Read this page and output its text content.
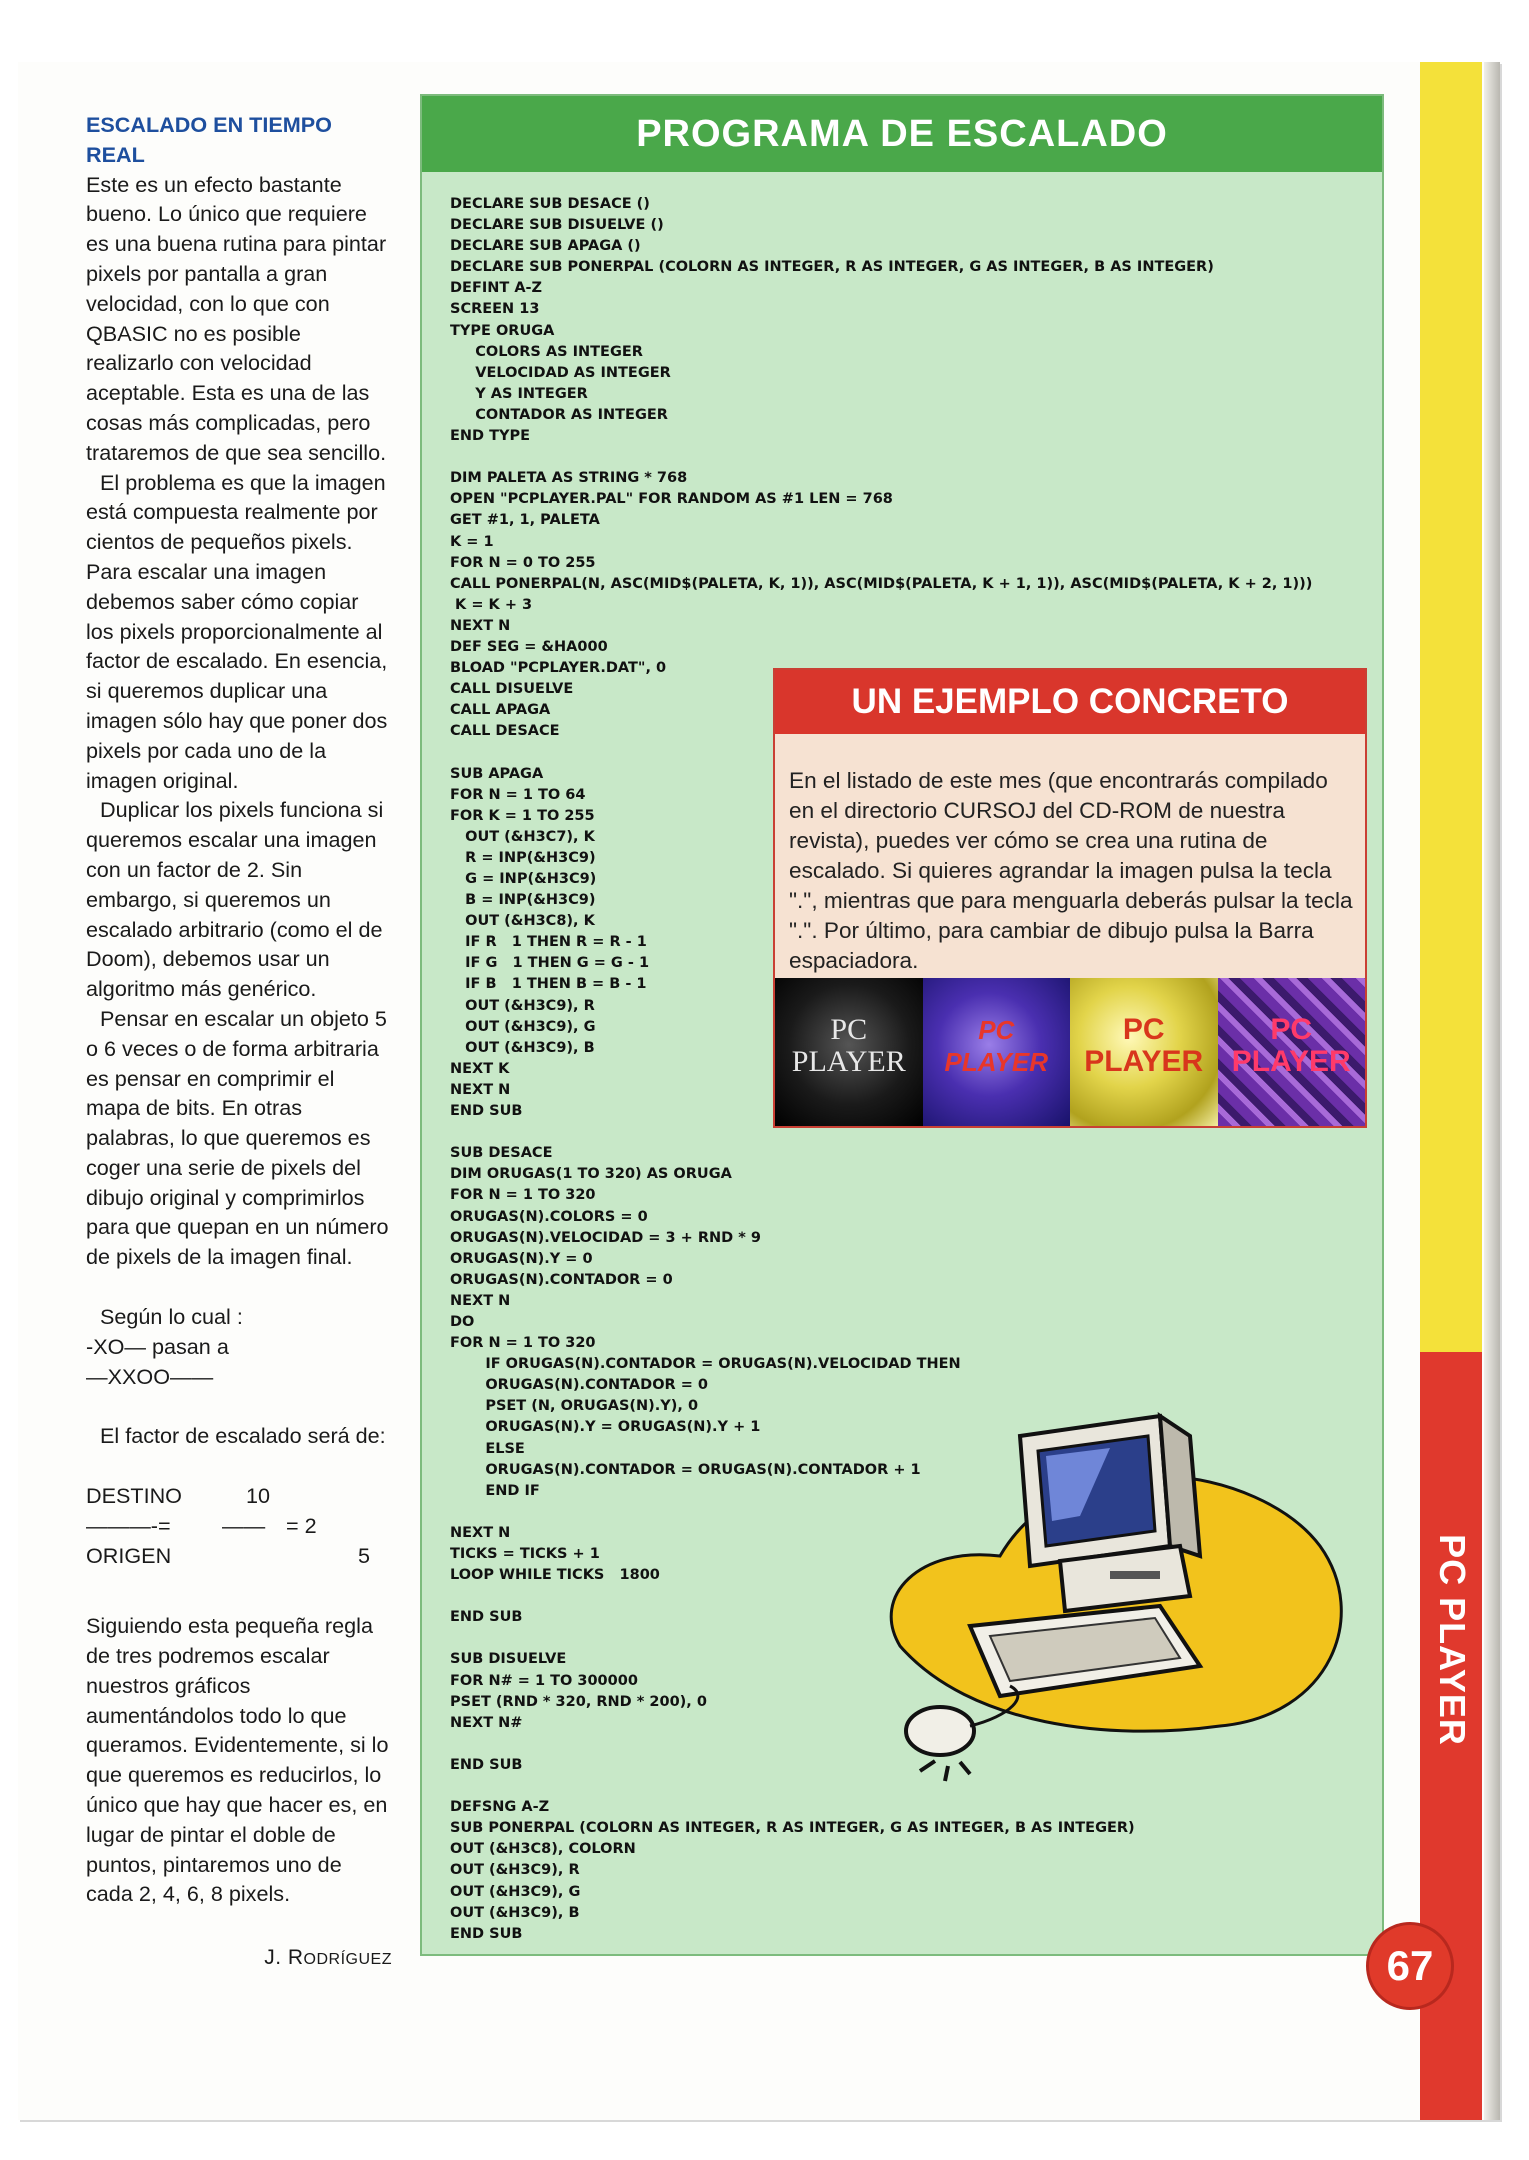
PC PLAYER
ESCALADO EN TIEMPO REAL

Este es un efecto bastante bueno. Lo único que requiere es una buena rutina para pintar pixels por pantalla a gran velocidad, con lo que con QBASIC no es posible realizarlo con velocidad aceptable. Esta es una de las cosas más complicadas, pero trataremos de que sea sencillo.

El problema es que la imagen está compuesta realmente por cientos de pequeños pixels. Para escalar una imagen debemos saber cómo copiar los pixels proporcionalmente al factor de escalado. En esencia, si queremos duplicar una imagen sólo hay que poner dos pixels por cada uno de la imagen original.

Duplicar los pixels funciona si queremos escalar una imagen con un factor de 2. Sin embargo, si queremos un escalado arbitrario (como el de Doom), debemos usar un algoritmo más genérico.

Pensar en escalar un objeto 5 o 6 veces o de forma arbitraria es pensar en comprimir el mapa de bits. En otras palabras, lo que queremos es coger una serie de pixels del dibujo original y comprimirlos para que quepan en un número de pixels de la imagen final.

Según lo cual :

-XO— pasan a

—XXOO——

El factor de escalado será de:

DESTINO	10
———-= —— = 2
ORIGEN	5

Siguiendo esta pequeña regla de tres podremos escalar nuestros gráficos aumentándolos todo lo que queramos. Evidentemente, si lo que queremos es reducirlos, lo único que hay que hacer es, en lugar de pintar el doble de puntos, pintaremos uno de cada 2, 4, 6, 8 pixels.

J. RODRÍGUEZ
PROGRAMA DE ESCALADO
DECLARE SUB DESACE ()
DECLARE SUB DISUELVE ()
DECLARE SUB APAGA ()
DECLARE SUB PONERPAL (COLORN AS INTEGER, R AS INTEGER, G AS INTEGER, B AS INTEGER)
DEFINT A-Z
SCREEN 13
TYPE ORUGA
COLORS AS INTEGER
VELOCIDAD AS INTEGER
Y AS INTEGER
CONTADOR AS INTEGER
END TYPE

DIM PALETA AS STRING * 768
OPEN "PCPLAYER.PAL" FOR RANDOM AS #1 LEN = 768
GET #1, 1, PALETA
K = 1
FOR N = 0 TO 255
CALL PONERPAL(N, ASC(MID$(PALETA, K, 1)), ASC(MID$(PALETA, K + 1, 1)), ASC(MID$(PALETA, K + 2, 1)))
K = K + 3
NEXT N
DEF SEG = &HA000
BLOAD "PCPLAYER.DAT", 0
CALL DISUELVE
CALL APAGA
CALL DESACE

SUB APAGA
FOR N = 1 TO 64
FOR K = 1 TO 255
OUT (&H3C7), K
R = INP(&H3C9)
G = INP(&H3C9)
B = INP(&H3C9)
OUT (&H3C8), K
IF R   1 THEN R = R - 1
IF G   1 THEN G = G - 1
IF B   1 THEN B = B - 1
OUT (&H3C9), R
OUT (&H3C9), G
OUT (&H3C9), B
NEXT K
NEXT N
END SUB

SUB DESACE
DIM ORUGAS(1 TO 320) AS ORUGA
FOR N = 1 TO 320
ORUGAS(N).COLORS = 0
ORUGAS(N).VELOCIDAD = 3 + RND * 9
ORUGAS(N).Y = 0
ORUGAS(N).CONTADOR = 0
NEXT N
DO
FOR N = 1 TO 320
IF ORUGAS(N).CONTADOR = ORUGAS(N).VELOCIDAD THEN
ORUGAS(N).CONTADOR = 0
PSET (N, ORUGAS(N).Y), 0
ORUGAS(N).Y = ORUGAS(N).Y + 1
ELSE
ORUGAS(N).CONTADOR = ORUGAS(N).CONTADOR + 1
END IF

NEXT N
TICKS = TICKS + 1
LOOP WHILE TICKS   1800

END SUB

SUB DISUELVE
FOR N# = 1 TO 300000
PSET (RND * 320, RND * 200), 0
NEXT N#

END SUB

DEFSNG A-Z
SUB PONERPAL (COLORN AS INTEGER, R AS INTEGER, G AS INTEGER, B AS INTEGER)
OUT (&H3C8), COLORN
OUT (&H3C9), R
OUT (&H3C9), G
OUT (&H3C9), B
END SUB
UN EJEMPLO CONCRETO

En el listado de este mes (que encontrarás compilado en el directorio CURSOJ del CD-ROM de nuestra revista), puedes ver cómo se crea una rutina de escalado. Si quieres agrandar la imagen pulsa la tecla ".", mientras que para menguarla deberás pulsar la tecla ".". Por último, para cambiar de dibujo pulsa la Barra espaciadora.

PC
PLAYER
PC
PLAYER
PC
PLAYER
PC
PLAYER
67
